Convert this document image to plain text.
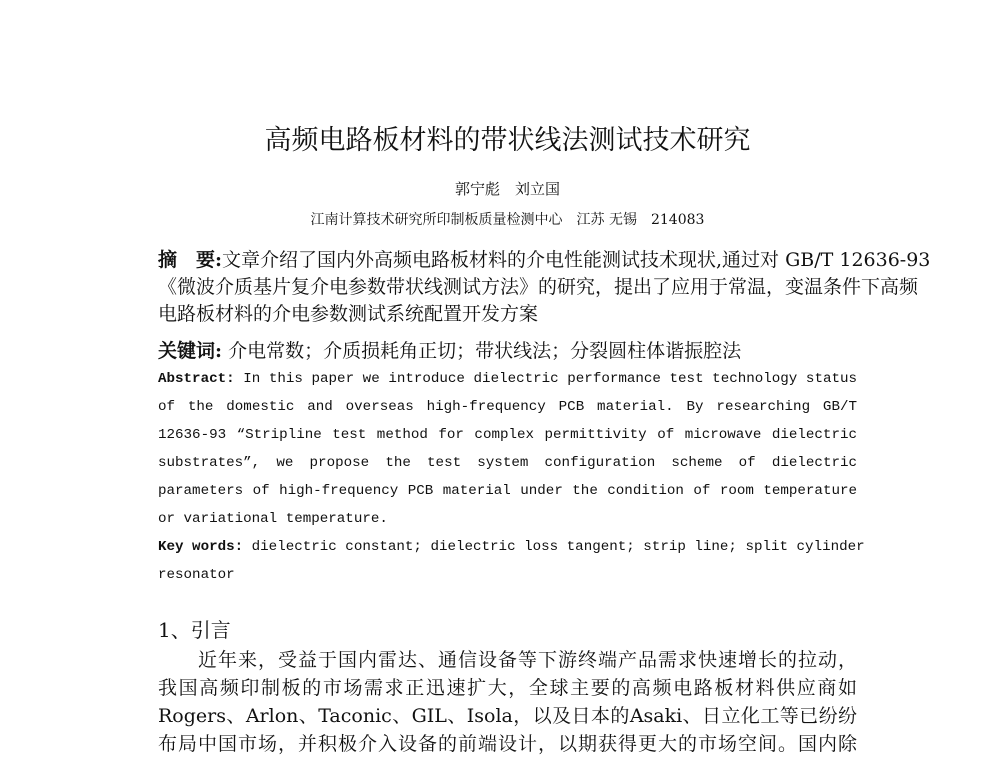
高频电路板材料的带状线法测试技术研究
郭宁彪　刘立国
江南计算技术研究所印制板质量检测中心　江苏 无锡　214083
摘　要:文章介绍了国内外高频电路板材料的介电性能测试技术现状,通过对 GB/T 12636-93
《微波介质基片复介电参数带状线测试方法》的研究，提出了应用于常温，变温条件下高频
电路板材料的介电参数测试系统配置开发方案
关键词: 介电常数；介质损耗角正切；带状线法；分裂圆柱体谐振腔法
Abstract: In this paper we introduce dielectric performance test technology status
of the domestic and overseas high-frequency PCB material. By researching GB/T
12636-93 “Stripline test method for complex permittivity of microwave dielectric
substrates”, we propose the test system configuration scheme of dielectric
parameters of high-frequency PCB material under the condition of room temperature
or variational temperature.
Key words: dielectric constant; dielectric loss tangent; strip line; split cylinder
resonator
1、引言
近年来，受益于国内雷达、通信设备等下游终端产品需求快速增长的拉动，
我国高频印制板的市场需求正迅速扩大，全球主要的高频电路板材料供应商如
Rogers、Arlon、Taconic、GIL、Isola，以及日本的Asaki、日立化工等已纷纷
布局中国市场，并积极介入设备的前端设计，以期获得更大的市场空间。国内除
